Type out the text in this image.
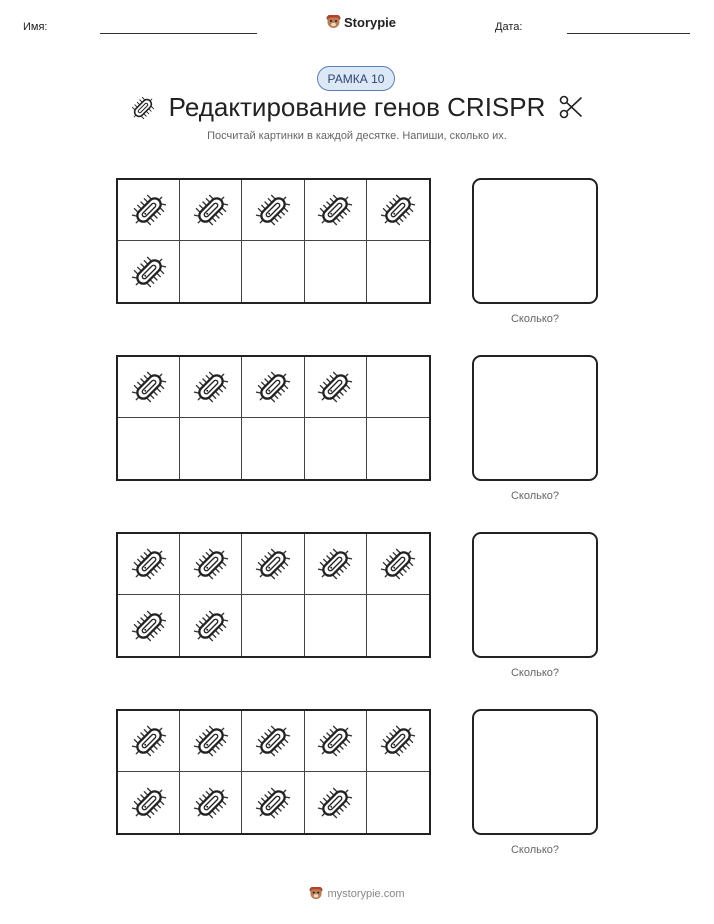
Имя:	Storypie	Дата:
РАМКА 10
Редактирование генов CRISPR
Посчитай картинки в каждой десятке. Напиши, сколько их.
Сколько?
Сколько?
Сколько?
Сколько?
mystorypie.com
